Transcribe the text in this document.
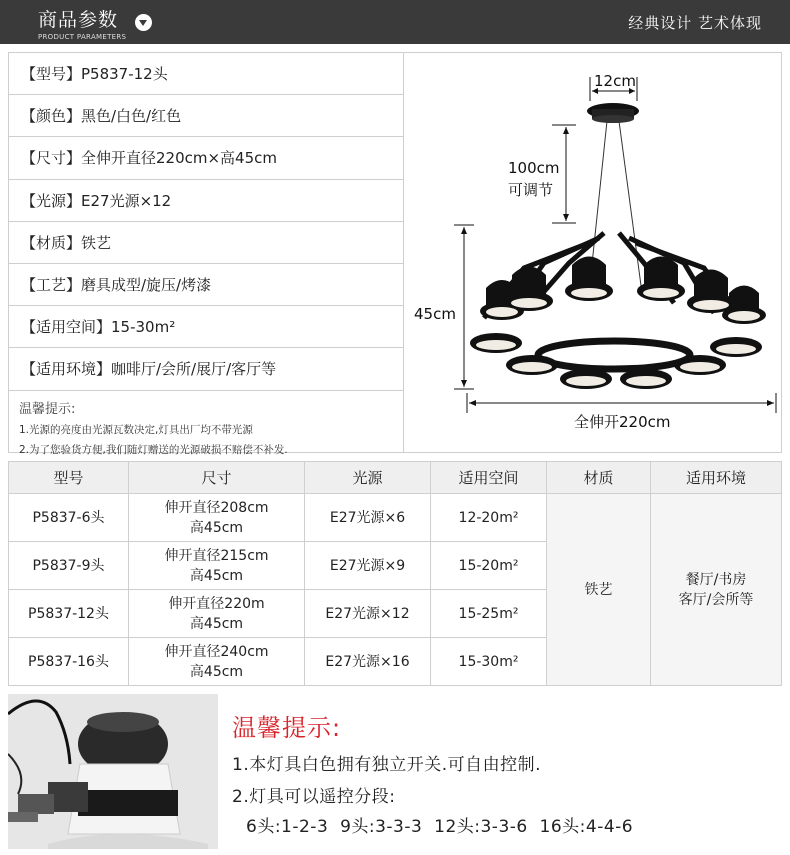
商品参数
PRODUCT PARAMETERS
经典设计 艺术体现
【型号】P5837-12头
【颜色】黑色/白色/红色
【尺寸】全伸开直径220cm×高45cm
【光源】E27光源×12
【材质】铁艺
【工艺】磨具成型/旋压/烤漆
【适用空间】15-30m²
【适用环境】咖啡厅/会所/展厅/客厅等
温馨提示:
1.光源的亮度由光源瓦数决定,灯具出厂均不带光源
2.为了您验货方便,我们随灯赠送的光源破损不赔偿不补发.
12cm
100cm
可调节
45cm
全伸开220cm
型号	尺寸	光源	适用空间	材质	适用环境
P5837-6头	伸开直径208cm
高45cm	E27光源×6	12-20m²	铁艺	餐厅/书房
客厅/会所等
P5837-9头	伸开直径215cm
高45cm	E27光源×9	15-20m²		
P5837-12头	伸开直径220m
高45cm	E27光源×12	15-25m²		
P5837-16头	伸开直径240cm
高45cm	E27光源×16	15-30m²		
温馨提示:
1.本灯具白色拥有独立开关.可自由控制.
2.灯具可以遥控分段:
6头:1-2-3  9头:3-3-3  12头:3-3-6  16头:4-4-6
